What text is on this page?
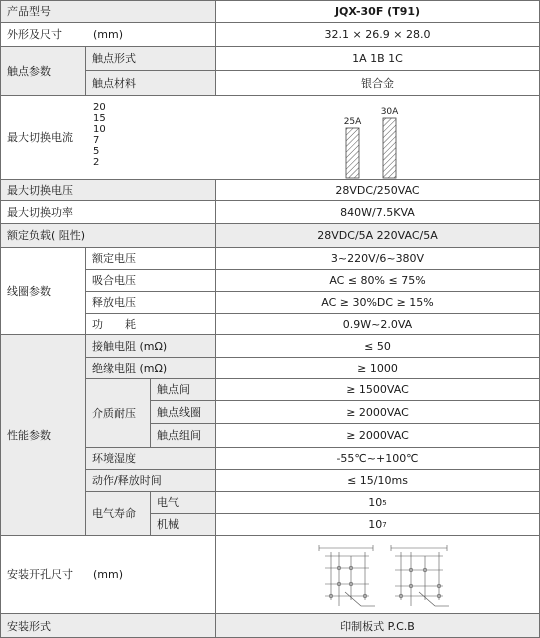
产品型号	JQX-30F (T91)
外形及尺寸	(mm)	32.1 × 26.9 × 28.0
触点参数
触点形式	1A 1B 1C
触点材料	银合金
最大切换电流
20
15
10
7
5
2
25A
30A
最大切换电压	28VDC/250VAC
最大切换功率	840W/7.5KVA
额定负载( 阻性)	28VDC/5A 220VAC/5A
线圈参数
额定电压	3~220V/6~380V
吸合电压	AC ≤ 80% ≤ 75%
释放电压	AC ≥ 30%DC ≥ 15%
功　　耗	0.9W~2.0VA
性能参数
接触电阻 (mΩ)	≤ 50
绝缘电阻 (mΩ)	≥ 1000
介质耐压
触点间	≥ 1500VAC
触点线圈	≥ 2000VAC
触点组间	≥ 2000VAC
环境湿度	-55℃~+100℃
动作/释放时间	≤ 15/10ms
电气寿命
电气	10 5
机械	10 7
安装开孔尺寸	(mm)
安装形式	印制板式 P.C.B
